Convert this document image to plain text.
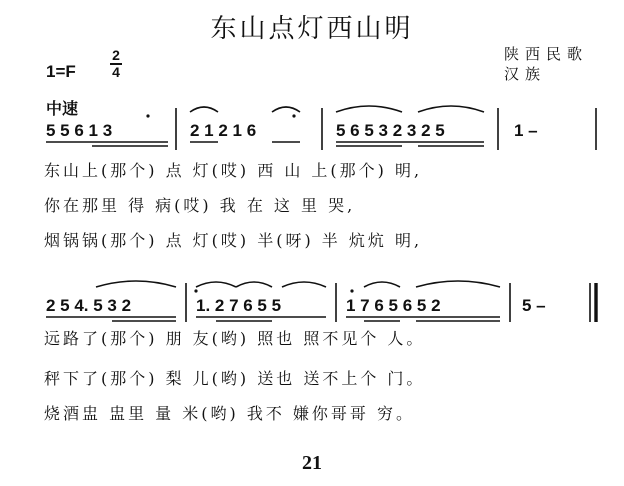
东山点灯西山明
1=F
2
4
陕西民歌
汉族
中速
5 5 6 1 3	2 1 2 1 6	5 6 5 3 2 3 2 5	1 –
东山上(那个) 点 灯(哎) 西 山 上(那个) 明,
你在那里 得 病(哎) 我 在 这 里 哭,
烟锅锅(那个) 点 灯(哎) 半(呀) 半 炕炕 明,
2 5 4. 5 3 2	1. 2 7 6 5 5	1 7 6 5 6 5 2	5 –
远路了(那个) 朋 友(哟) 照也 照不见个 人。
秤下了(那个) 梨 儿(哟) 送也 送不上个 门。
烧酒盅 盅里 量 米(哟) 我不 嫌你哥哥 穷。
21
